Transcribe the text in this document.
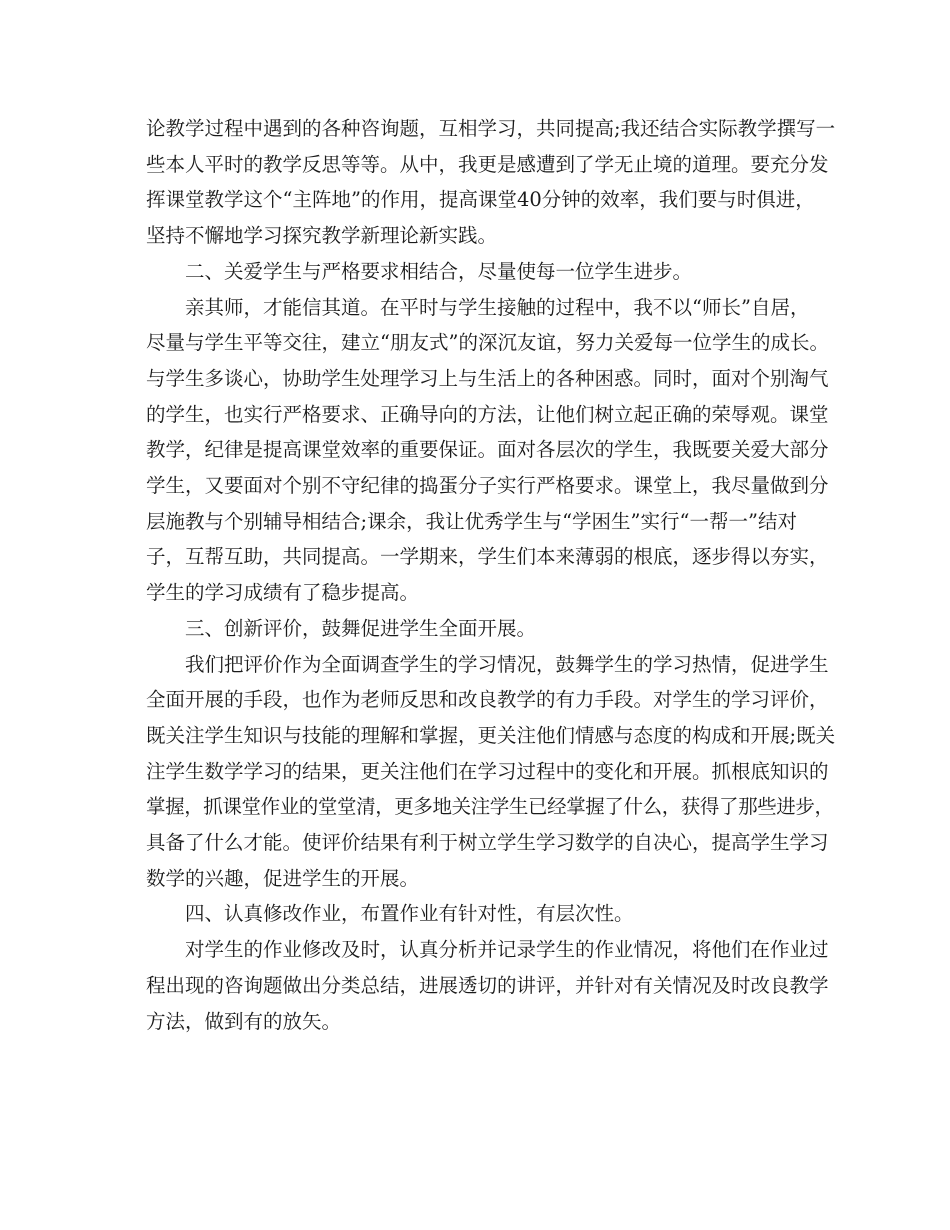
论教学过程中遇到的各种咨询题，互相学习，共同提高;我还结合实际教学撰写一

些本人平时的教学反思等等。从中，我更是感遭到了学无止境的道理。要充分发

挥课堂教学这个“主阵地”的作用，提高课堂40分钟的效率，我们要与时俱进，

坚持不懈地学习探究教学新理论新实践。

二、关爱学生与严格要求相结合，尽量使每一位学生进步。

亲其师，才能信其道。在平时与学生接触的过程中，我不以“师长”自居，

尽量与学生平等交往，建立“朋友式”的深沉友谊，努力关爱每一位学生的成长。

与学生多谈心，协助学生处理学习上与生活上的各种困惑。同时，面对个别淘气

的学生，也实行严格要求、正确导向的方法，让他们树立起正确的荣辱观。课堂

教学，纪律是提高课堂效率的重要保证。面对各层次的学生，我既要关爱大部分

学生，又要面对个别不守纪律的捣蛋分子实行严格要求。课堂上，我尽量做到分

层施教与个别辅导相结合;课余，我让优秀学生与“学困生”实行“一帮一”结对

子，互帮互助，共同提高。一学期来，学生们本来薄弱的根底，逐步得以夯实，

学生的学习成绩有了稳步提高。

三、创新评价，鼓舞促进学生全面开展。

我们把评价作为全面调查学生的学习情况，鼓舞学生的学习热情，促进学生

全面开展的手段，也作为老师反思和改良教学的有力手段。对学生的学习评价，

既关注学生知识与技能的理解和掌握，更关注他们情感与态度的构成和开展;既关

注学生数学学习的结果，更关注他们在学习过程中的变化和开展。抓根底知识的

掌握，抓课堂作业的堂堂清，更多地关注学生已经掌握了什么，获得了那些进步，

具备了什么才能。使评价结果有利于树立学生学习数学的自决心，提高学生学习

数学的兴趣，促进学生的开展。

四、认真修改作业，布置作业有针对性，有层次性。

对学生的作业修改及时，认真分析并记录学生的作业情况，将他们在作业过

程出现的咨询题做出分类总结，进展透切的讲评，并针对有关情况及时改良教学

方法，做到有的放矢。
